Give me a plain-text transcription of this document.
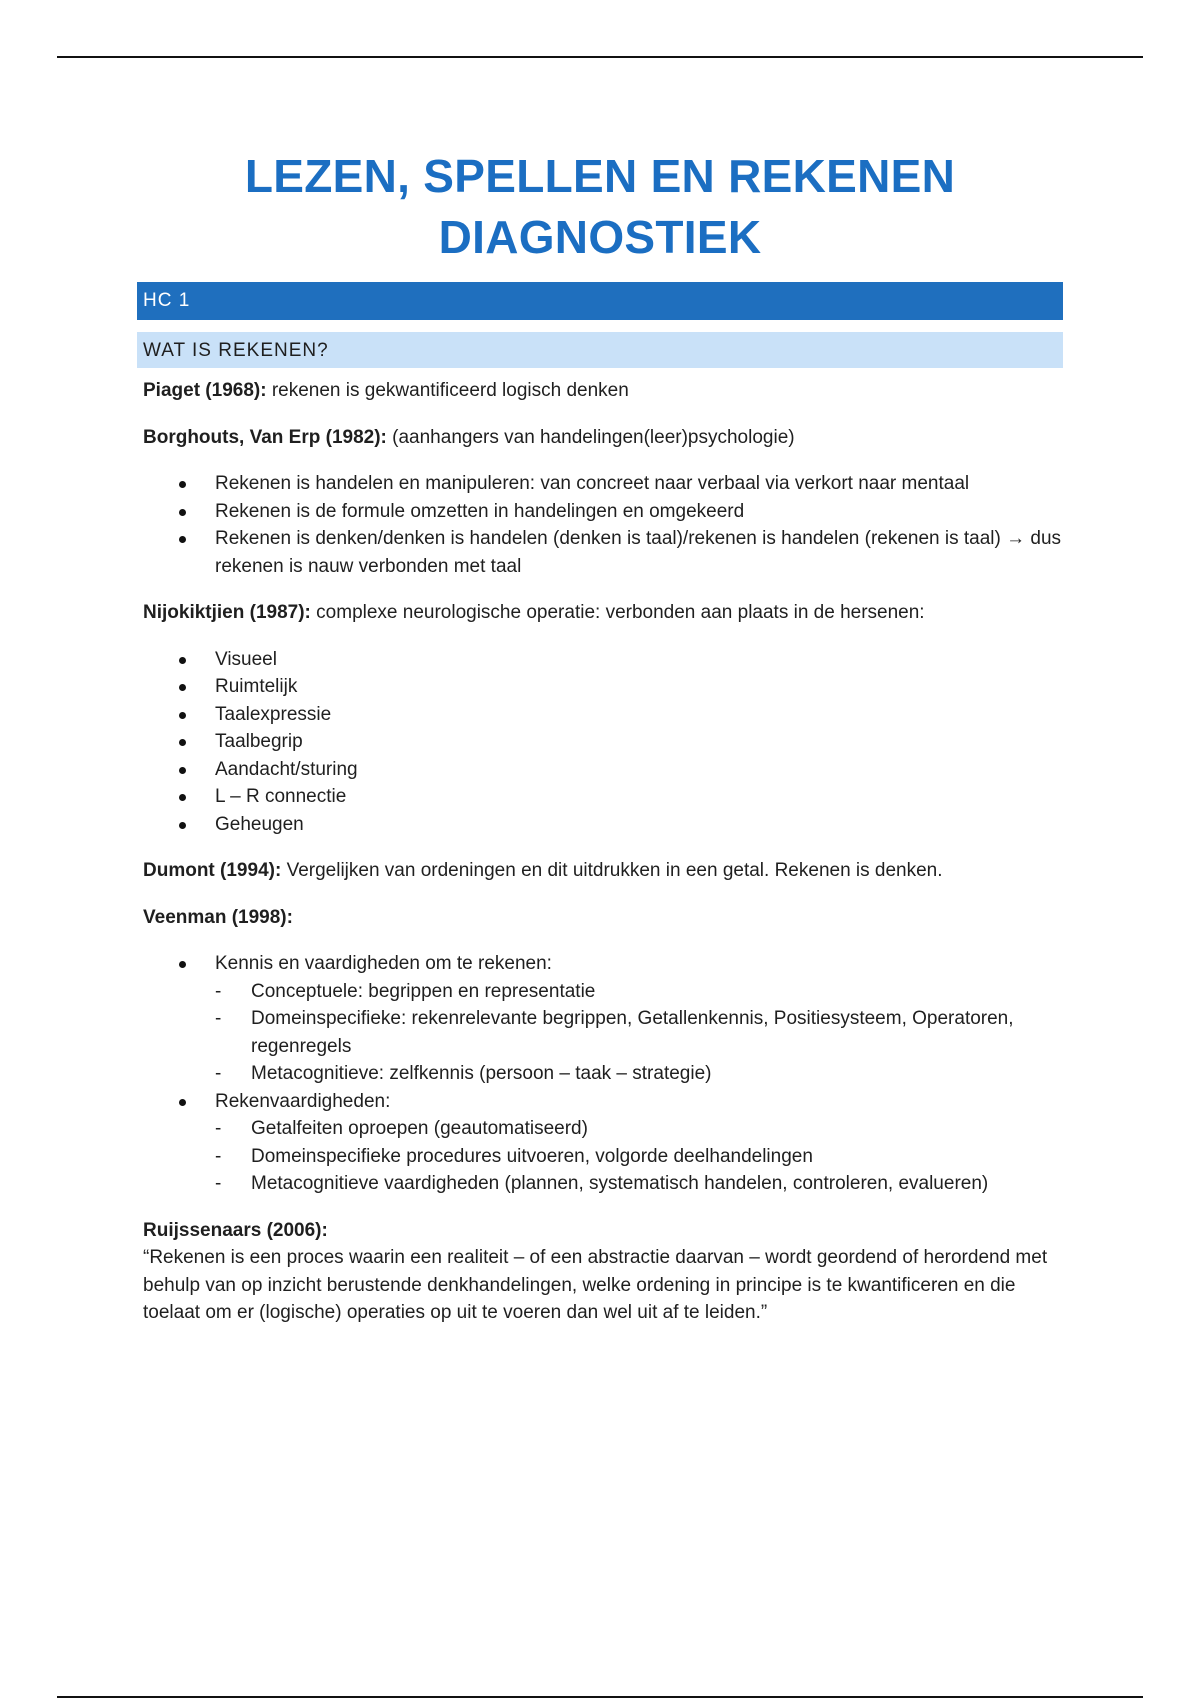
LEZEN, SPELLEN EN REKENEN
DIAGNOSTIEK
HC 1
WAT IS REKENEN?

Piaget (1968): rekenen is gekwantificeerd logisch denken

Borghouts, Van Erp (1982): (aanhangers van handelingen(leer)psychologie)

Rekenen is handelen en manipuleren: van concreet naar verbaal via verkort naar mentaal
Rekenen is de formule omzetten in handelingen en omgekeerd
Rekenen is denken/denken is handelen (denken is taal)/rekenen is handelen (rekenen is taal) → dus rekenen is nauw verbonden met taal

Nijokiktjien (1987): complexe neurologische operatie: verbonden aan plaats in de hersenen:

Visueel
Ruimtelijk
Taalexpressie
Taalbegrip
Aandacht/sturing
L – R connectie
Geheugen

Dumont (1994): Vergelijken van ordeningen en dit uitdrukken in een getal. Rekenen is denken.

Veenman (1998):

Kennis en vaardigheden om te rekenen:
- Conceptuele: begrippen en representatie
- Domeinspecifieke: rekenrelevante begrippen, Getallenkennis, Positiesysteem, Operatoren, regenregels
- Metacognitieve: zelfkennis (persoon – taak – strategie)
Rekenvaardigheden:
- Getalfeiten oproepen (geautomatiseerd)
- Domeinspecifieke procedures uitvoeren, volgorde deelhandelingen
- Metacognitieve vaardigheden (plannen, systematisch handelen, controleren, evalueren)

Ruijssenaars (2006):

“Rekenen is een proces waarin een realiteit – of een abstractie daarvan – wordt geordend of herordend met behulp van op inzicht berustende denkhandelingen, welke ordening in principe is te kwantificeren en die toelaat om er (logische) operaties op uit te voeren dan wel uit af te leiden.”
